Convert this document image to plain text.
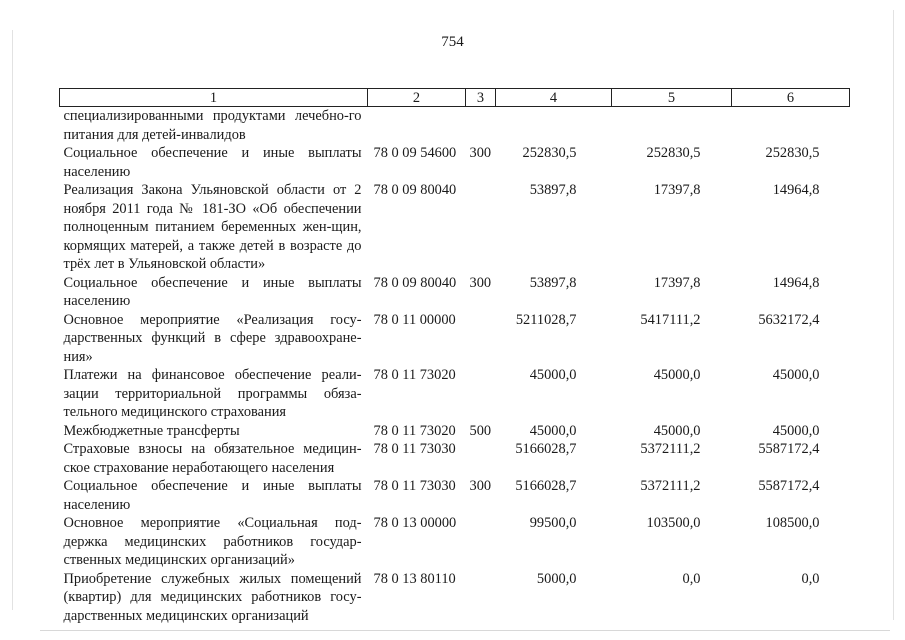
754
1	2	3	4	5	6
специализированными продуктами лечебно-го питания для детей-инвалидов					
Социальное обеспечение и иные выплаты населению	78 0 09 54600	300	252830,5	252830,5	252830,5
Реализация Закона Ульяновской области от 2 ноября 2011 года № 181-ЗО «Об обеспечении полноценным питанием беременных жен-щин, кормящих матерей, а также детей в возрасте до трёх лет в Ульяновской области»	78 0 09 80040		53897,8	17397,8	14964,8
Социальное обеспечение и иные выплаты населению	78 0 09 80040	300	53897,8	17397,8	14964,8
Основное мероприятие «Реализация госу-дарственных функций в сфере здравоохране-ния»	78 0 11 00000		5211028,7	5417111,2	5632172,4
Платежи на финансовое обеспечение реали-зации территориальной программы обяза-тельного медицинского страхования	78 0 11 73020		45000,0	45000,0	45000,0
Межбюджетные трансферты	78 0 11 73020	500	45000,0	45000,0	45000,0
Страховые взносы на обязательное медицин-ское страхование неработающего населения	78 0 11 73030		5166028,7	5372111,2	5587172,4
Социальное обеспечение и иные выплаты населению	78 0 11 73030	300	5166028,7	5372111,2	5587172,4
Основное мероприятие «Социальная под-держка медицинских работников государ-ственных медицинских организаций»	78 0 13 00000		99500,0	103500,0	108500,0
Приобретение служебных жилых помещений (квартир) для медицинских работников госу-дарственных медицинских организаций	78 0 13 80110		5000,0	0,0	0,0
